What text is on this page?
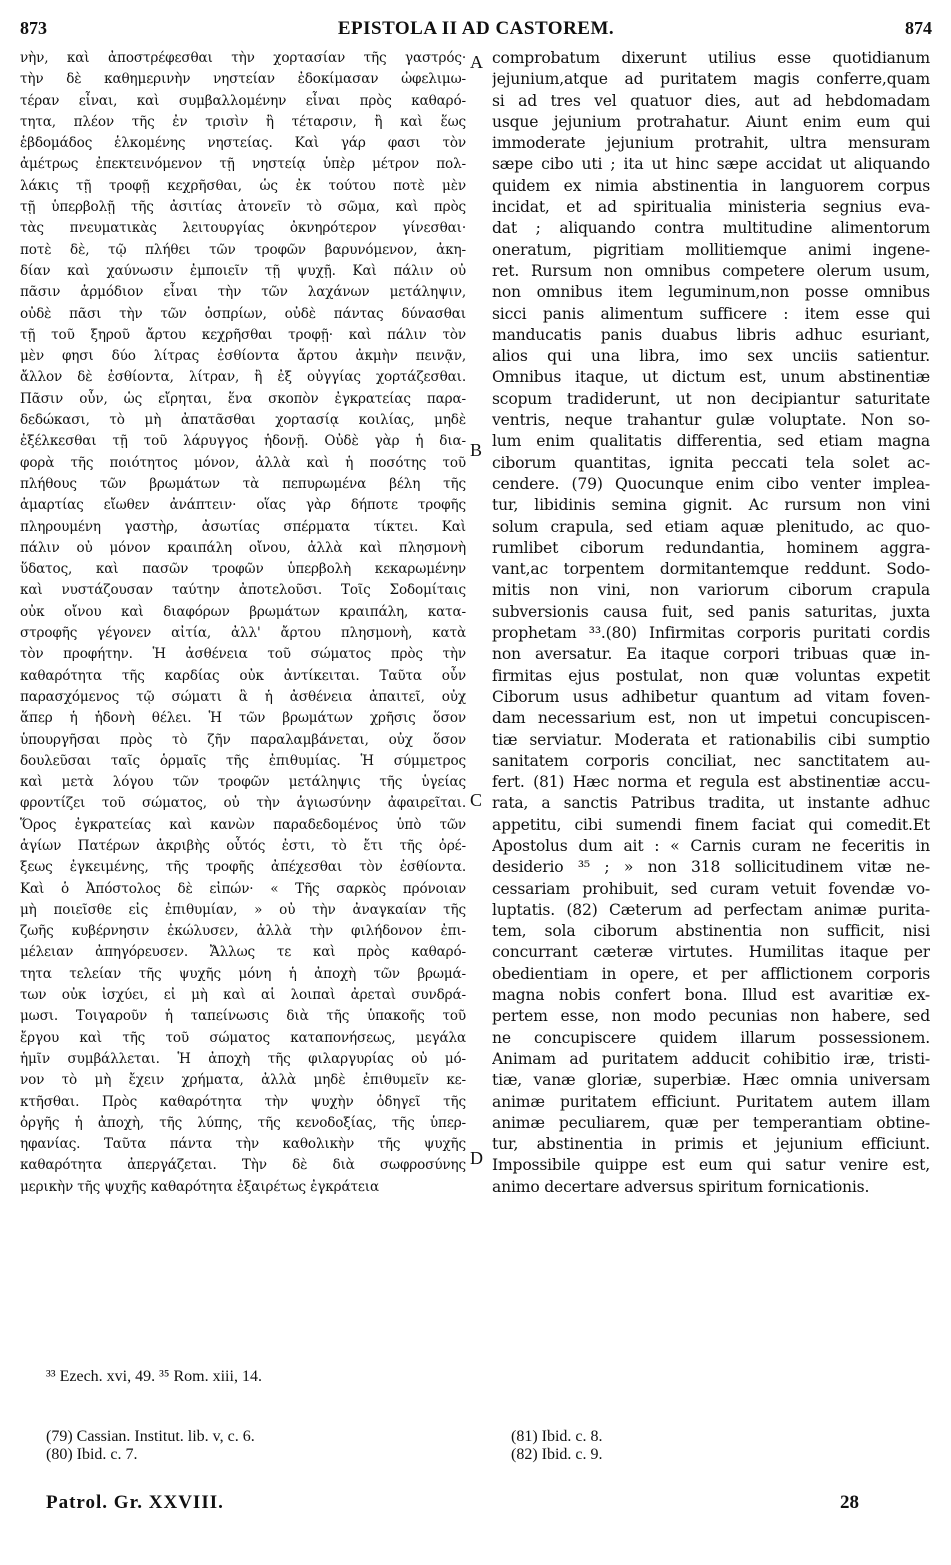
873	EPISTOLA II AD CASTOREM.	874
νὴν, καὶ ἀποστρέφεσθαι τὴν χορτασίαν τῆς γαστρός·
τὴν δὲ καθημερινὴν νηστείαν ἐδοκίμασαν ὠφελιμω-
τέραν εἶναι, καὶ συμβαλλομένην εἶναι πρὸς καθαρό-
τητα, πλέον τῆς ἐν τρισὶν ἢ τέταρσιν, ἢ καὶ ἕως
ἑβδομάδος ἑλκομένης νηστείας. Καὶ γάρ φασι τὸν
ἀμέτρως ἐπεκτεινόμενον τῇ νηστείᾳ ὑπὲρ μέτρον πολ-
λάκις τῇ τροφῇ κεχρῆσθαι, ὡς ἐκ τούτου ποτὲ μὲν
τῇ ὑπερβολῇ τῆς ἀσιτίας ἀτονεῖν τὸ σῶμα, καὶ πρὸς
τὰς πνευματικὰς λειτουργίας ὀκνηρότερον γίνεσθαι·
ποτὲ δὲ, τῷ πλήθει τῶν τροφῶν βαρυνόμενον, ἀκη-
δίαν καὶ χαύνωσιν ἐμποιεῖν τῇ ψυχῇ. Καὶ πάλιν οὐ
πᾶσιν ἁρμόδιον εἶναι τὴν τῶν λαχάνων μετάληψιν,
οὐδὲ πᾶσι τὴν τῶν ὀσπρίων, οὐδὲ πάντας δύνασθαι
τῇ τοῦ ξηροῦ ἄρτου κεχρῆσθαι τροφῇ· καὶ πάλιν τὸν
μὲν φησι δύο λίτρας ἐσθίοντα ἄρτου ἀκμὴν πεινᾷν,
ἄλλον δὲ ἐσθίοντα, λίτραν, ἢ ἐξ οὐγγίας χορτάζεσθαι.
Πᾶσιν οὖν, ὡς εἴρηται, ἕνα σκοπὸν ἐγκρατείας παρα-
δεδώκασι, τὸ μὴ ἀπατᾶσθαι χορτασίᾳ κοιλίας, μηδὲ
ἐξέλκεσθαι τῇ τοῦ λάρυγγος ἡδονῇ. Οὐδὲ γὰρ ἡ δια-
φορὰ τῆς ποιότητος μόνον, ἀλλὰ καὶ ἡ ποσότης τοῦ
πλήθους τῶν βρωμάτων τὰ πεπυρωμένα βέλη τῆς
ἁμαρτίας εἴωθεν ἀνάπτειν· οἵας γὰρ δήποτε τροφῆς
πληρουμένη γαστὴρ, ἀσωτίας σπέρματα τίκτει. Καὶ
πάλιν οὐ μόνον κραιπάλη οἴνου, ἀλλὰ καὶ πλησμονὴ
ὕδατος, καὶ πασῶν τροφῶν ὑπερβολὴ κεκαρωμένην
καὶ νυστάζουσαν ταύτην ἀποτελοῦσι. Τοῖς Σοδομίταις
οὐκ οἴνου καὶ διαφόρων βρωμάτων κραιπάλη, κατα-
στροφῆς γέγονεν αἰτία, ἀλλ' ἄρτου πλησμονὴ, κατὰ
τὸν προφήτην. Ἡ ἀσθένεια τοῦ σώματος πρὸς τὴν
καθαρότητα τῆς καρδίας οὐκ ἀντίκειται. Ταῦτα οὖν
παρασχόμενος τῷ σώματι ἃ ἡ ἀσθένεια ἀπαιτεῖ, οὐχ
ἅπερ ἡ ἡδονὴ θέλει. Ἡ τῶν βρωμάτων χρῆσις ὅσον
ὑπουργῆσαι πρὸς τὸ ζῆν παραλαμβάνεται, οὐχ ὅσον
δουλεῦσαι ταῖς ὁρμαῖς τῆς ἐπιθυμίας. Ἡ σύμμετρος
καὶ μετὰ λόγου τῶν τροφῶν μετάληψις τῆς ὑγείας
φροντίζει τοῦ σώματος, οὐ τὴν ἁγιωσύνην ἀφαιρεῖται.
Ὅρος ἐγκρατείας καὶ κανὼν παραδεδομένος ὑπὸ τῶν
ἁγίων Πατέρων ἀκριβὴς οὗτός ἐστι, τὸ ἔτι τῆς ὀρέ-
ξεως ἐγκειμένης, τῆς τροφῆς ἀπέχεσθαι τὸν ἐσθίοντα.
Καὶ ὁ Ἀπόστολος δὲ εἰπών· « Τῆς σαρκὸς πρόνοιαν
μὴ ποιεῖσθε εἰς ἐπιθυμίαν, » οὐ τὴν ἀναγκαίαν τῆς
ζωῆς κυβέρνησιν ἐκώλυσεν, ἀλλὰ τὴν φιλήδονον ἐπι-
μέλειαν ἀπηγόρευσεν. Ἄλλως τε καὶ πρὸς καθαρό-
τητα τελείαν τῆς ψυχῆς μόνη ἡ ἀποχὴ τῶν βρωμά-
των οὐκ ἰσχύει, εἰ μὴ καὶ αἱ λοιπαὶ ἀρεταὶ συνδρά-
μωσι. Τοιγαροῦν ἡ ταπείνωσις διὰ τῆς ὑπακοῆς τοῦ
ἔργου καὶ τῆς τοῦ σώματος καταπονήσεως, μεγάλα
ἡμῖν συμβάλλεται. Ἡ ἀποχὴ τῆς φιλαργυρίας οὐ μό-
νον τὸ μὴ ἔχειν χρήματα, ἀλλὰ μηδὲ ἐπιθυμεῖν κε-
κτῆσθαι. Πρὸς καθαρότητα τὴν ψυχὴν ὁδηγεῖ τῆς
ὀργῆς ἡ ἀποχὴ, τῆς λύπης, τῆς κενοδοξίας, τῆς ὑπερ-
ηφανίας. Ταῦτα πάντα τὴν καθολικὴν τῆς ψυχῆς
καθαρότητα ἀπεργάζεται. Τὴν δὲ διὰ σωφροσύνης
μερικὴν τῆς ψυχῆς καθαρότητα ἐξαιρέτως ἐγκράτεια
comprobatum dixerunt utilius esse quotidianum
jejunium,atque ad puritatem magis conferre,quam
si ad tres vel quatuor dies, aut ad hebdomadam
usque jejunium protrahatur. Aiunt enim eum qui
immoderate jejunium protrahit, ultra mensuram
sæpe cibo uti ; ita ut hinc sæpe accidat ut aliquando
quidem ex nimia abstinentia in languorem corpus
incidat, et ad spiritualia ministeria segnius eva-
dat ; aliquando contra multitudine alimentorum
oneratum, pigritiam mollitiemque animi ingene-
ret. Rursum non omnibus competere olerum usum,
non omnibus item leguminum,non posse omnibus
sicci panis alimentum sufficere : item esse qui
manducatis panis duabus libris adhuc esuriant,
alios qui una libra, imo sex unciis satientur.
Omnibus itaque, ut dictum est, unum abstinentiæ
scopum tradiderunt, ut non decipiantur saturitate
ventris, neque trahantur gulæ voluptate. Non so-
lum enim qualitatis differentia, sed etiam magna
ciborum quantitas, ignita peccati tela solet ac-
cendere. (79) Quocunque enim cibo venter implea-
tur, libidinis semina gignit. Ac rursum non vini
solum crapula, sed etiam aquæ plenitudo, ac quo-
rumlibet ciborum redundantia, hominem aggra-
vant,ac torpentem dormitantemque reddunt. Sodo-
mitis non vini, non variorum ciborum crapula
subversionis causa fuit, sed panis saturitas, juxta
prophetam ³³.(80) Infirmitas corporis puritati cordis
non aversatur. Ea itaque corpori tribuas quæ in-
firmitas ejus postulat, non quæ voluntas expetit
Ciborum usus adhibetur quantum ad vitam foven-
dam necessarium est, non ut impetui concupiscen-
tiæ serviatur. Moderata et rationabilis cibi sumptio
sanitatem corporis conciliat, nec sanctitatem au-
fert. (81) Hæc norma et regula est abstinentiæ accu-
rata, a sanctis Patribus tradita, ut instante adhuc
appetitu, cibi sumendi finem faciat qui comedit.Et
Apostolus dum ait : « Carnis curam ne feceritis in
desiderio ³⁵ ; » non 318 sollicitudinem vitæ ne-
cessariam prohibuit, sed curam vetuit fovendæ vo-
luptatis. (82) Cæterum ad perfectam animæ purita-
tem, sola ciborum abstinentia non sufficit, nisi
concurrant cæteræ virtutes. Humilitas itaque per
obedientiam in opere, et per afflictionem corporis
magna nobis confert bona. Illud est avaritiæ ex-
pertem esse, non modo pecunias non habere, sed
ne concupiscere quidem illarum possessionem.
Animam ad puritatem adducit cohibitio iræ, tristi-
tiæ, vanæ gloriæ, superbiæ. Hæc omnia universam
animæ puritatem efficiunt. Puritatem autem illam
animæ peculiarem, quæ per temperantiam obtine-
tur, abstinentia in primis et jejunium efficiunt.
Impossibile quippe est eum qui satur venire est,
animo decertare adversus spiritum fornicationis.
A
B
C
D
³³ Ezech. xvi, 49. ³⁵ Rom. xiii, 14.
(79) Cassian. Institut. lib. v, c. 6.
(80) Ibid. c. 7.
(81) Ibid. c. 8.
(82) Ibid. c. 9.
Patrol. Gr. XXVIII.	28
